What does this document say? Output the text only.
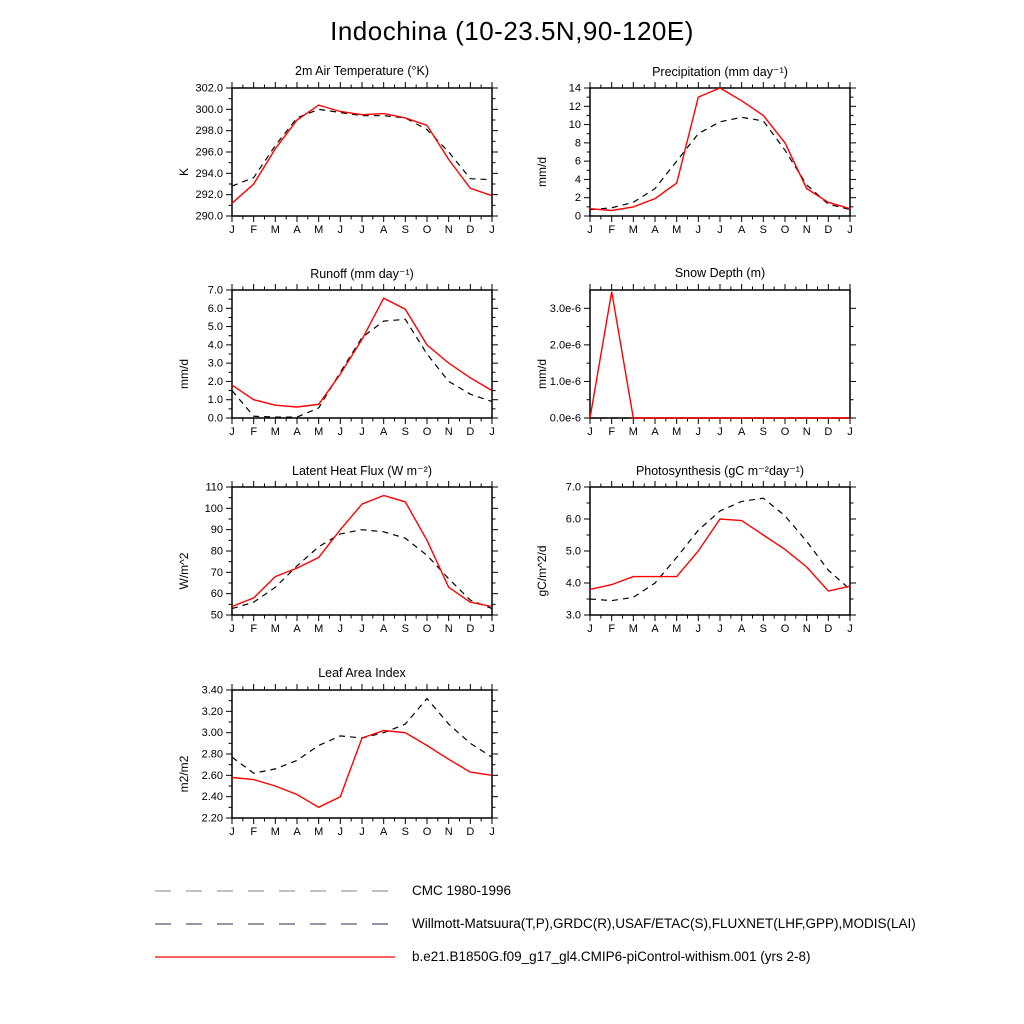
Indochina (10-23.5N,90-120E)
2m Air Temperature (°K)
K
290.0
292.0
294.0
296.0
298.0
300.0
302.0
J F M A M J J A S O N D J
Precipitation (mm day⁻¹)
mm/d
0
2
4
6
8
10
12
14
J F M A M J J A S O N D J
Runoff (mm day⁻¹)
mm/d
0.0
1.0
2.0
3.0
4.0
5.0
6.0
7.0
J F M A M J J A S O N D J
Snow Depth (m)
mm/d
0.0e-6
1.0e-6
2.0e-6
3.0e-6
J F M A M J J A S O N D J
Latent Heat Flux (W m⁻²)
W/m^2
50
60
70
80
90
100
110
J F M A M J J A S O N D J
Photosynthesis (gC m⁻²day⁻¹)
gC/m^2/d
3.0
4.0
5.0
6.0
7.0
J F M A M J J A S O N D J
Leaf Area Index
m2/m2
2.20
2.40
2.60
2.80
3.00
3.20
3.40
J F M A M J J A S O N D J
CMC 1980-1996
Willmott-Matsuura(T,P),GRDC(R),USAF/ETAC(S),FLUXNET(LHF,GPP),MODIS(LAI)
b.e21.B1850G.f09_g17_gl4.CMIP6-piControl-withism.001 (yrs 2-8)
